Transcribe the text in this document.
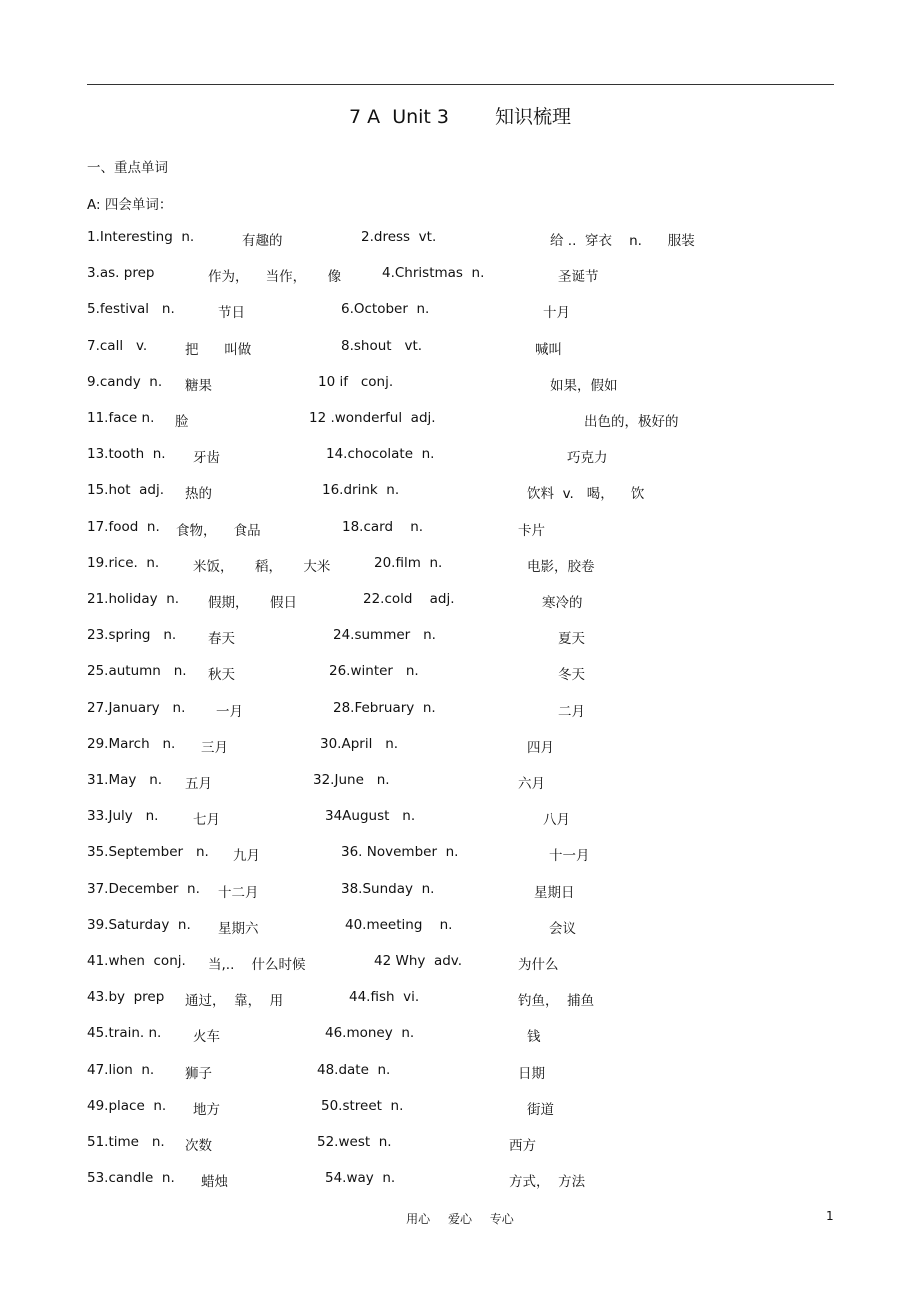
7 A  Unit 3 知识梳理
一、重点单词
A: 四会单词：
1.Interesting  n.	有趣的	2.dress  vt.	给 ..  穿衣    n.      服装
3.as. prep	作为，    当作，     像	4.Christmas  n.	圣诞节
5.festival   n.	节日	6.October  n.	十月
7.call   v.	把      叫做	8.shout   vt.	喊叫
9.candy  n. 糖果	10 if   conj.	如果，假如
11.face n. 脸	12 .wonderful  adj.	出色的，极好的
13.tooth  n. 牙齿	14.chocolate  n.	巧克力
15.hot  adj. 热的	16.drink  n.	饮料  v.   喝，    饮
17.food  n. 食物，    食品	18.card    n.	卡片
19.rice.  n.	米饭，     稻，     大米	20.film  n.	电影，胶卷
21.holiday  n. 假期，     假日	22.cold    adj.	寒冷的
23.spring   n. 春天	24.summer   n.	夏天
25.autumn   n. 秋天	26.winter   n.	冬天
27.January   n. 一月	28.February  n.	二月
29.March   n. 三月	30.April   n.	四月
31.May   n. 五月	32.June   n.	六月
33.July   n.	七月	34August   n.	八月
35.September   n. 九月	36. November  n.	十一月
37.December  n. 十二月	38.Sunday  n.	星期日
39.Saturday  n. 星期六	40.meeting    n.	会议
41.when  conj. 当,..    什么时候	42 Why  adv.	为什么
43.by  prep 通过，  靠，  用	44.fish  vi.	钓鱼，  捕鱼
45.train. n. 火车	46.money  n.	钱
47.lion  n. 狮子	48.date  n.	日期
49.place  n. 地方	50.street  n.	街道
51.time   n. 次数	52.west  n.	西方
53.candle  n. 蜡烛	54.way  n.	方式，  方法
用心 爱心 专心	1
